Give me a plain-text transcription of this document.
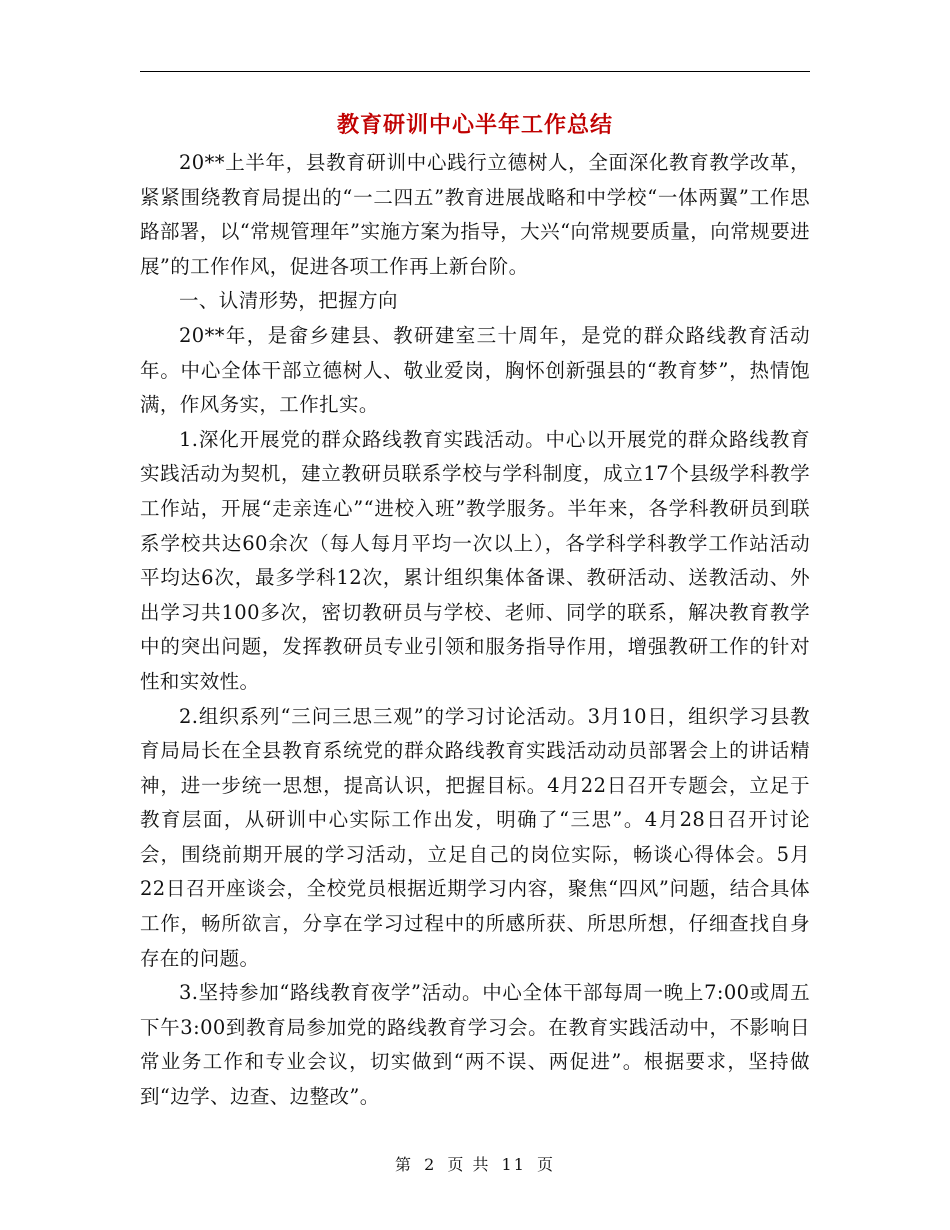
教育研训中心半年工作总结

20**上半年，县教育研训中心践行立德树人，全面深化教育教学改革，紧紧围绕教育局提出的“一二四五”教育进展战略和中学校“一体两翼”工作思路部署，以“常规管理年”实施方案为指导，大兴“向常规要质量，向常规要进展”的工作作风，促进各项工作再上新台阶。

一、认清形势，把握方向

20**年，是畲乡建县、教研建室三十周年，是党的群众路线教育活动年。中心全体干部立德树人、敬业爱岗，胸怀创新强县的“教育梦”，热情饱满，作风务实，工作扎实。

1.深化开展党的群众路线教育实践活动。中心以开展党的群众路线教育实践活动为契机，建立教研员联系学校与学科制度，成立17个县级学科教学工作站，开展“走亲连心”“进校入班”教学服务。半年来，各学科教研员到联系学校共达60余次（每人每月平均一次以上），各学科学科教学工作站活动平均达6次，最多学科12次，累计组织集体备课、教研活动、送教活动、外出学习共100多次，密切教研员与学校、老师、同学的联系，解决教育教学中的突出问题，发挥教研员专业引领和服务指导作用，增强教研工作的针对性和实效性。

2.组织系列“三问三思三观”的学习讨论活动。3月10日，组织学习县教育局局长在全县教育系统党的群众路线教育实践活动动员部署会上的讲话精神，进一步统一思想，提高认识，把握目标。4月22日召开专题会，立足于教育层面，从研训中心实际工作出发，明确了“三思”。4月28日召开讨论会，围绕前期开展的学习活动，立足自己的岗位实际，畅谈心得体会。5月22日召开座谈会，全校党员根据近期学习内容，聚焦“四风”问题，结合具体工作，畅所欲言，分享在学习过程中的所感所获、所思所想，仔细查找自身存在的问题。

3.坚持参加“路线教育夜学”活动。中心全体干部每周一晚上7:00或周五下午3:00到教育局参加党的路线教育学习会。在教育实践活动中，不影响日常业务工作和专业会议，切实做到“两不误、两促进”。根据要求，坚持做到“边学、边查、边整改”。

第 2 页 共 11 页
